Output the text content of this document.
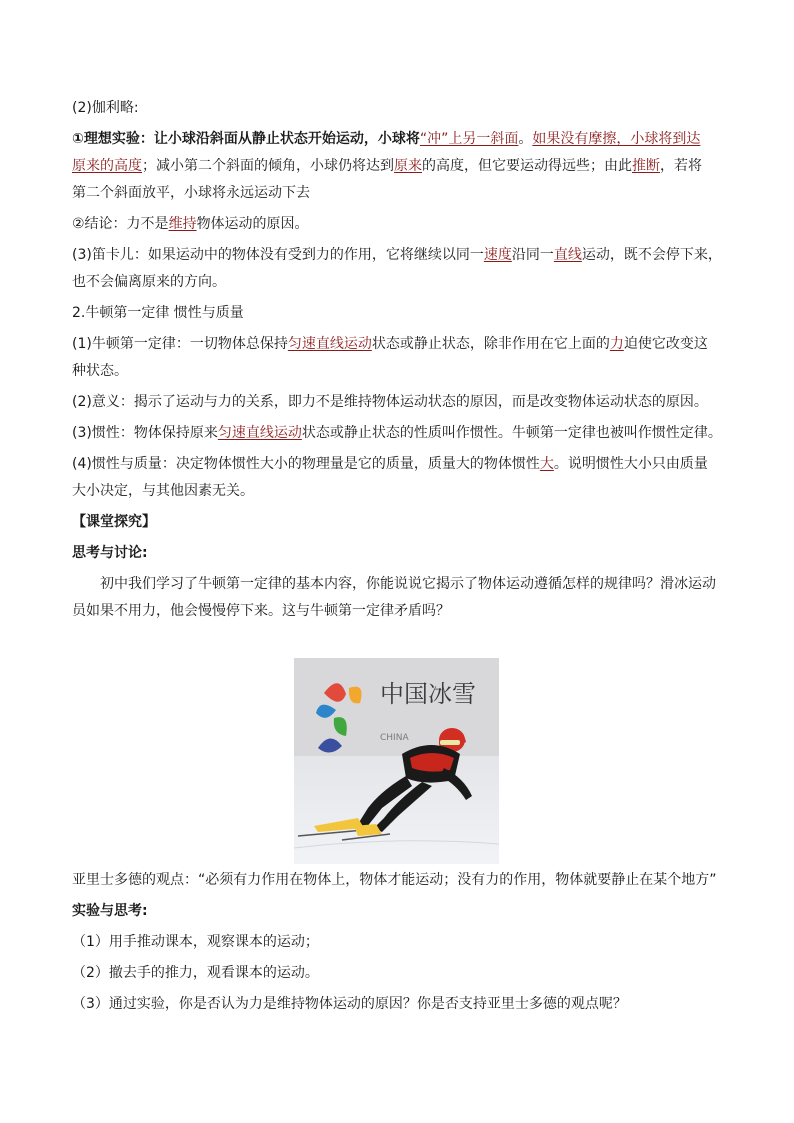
(2)伽利略:
①理想实验：让小球沿斜面从静止状态开始运动，小球将“冲”上另一斜面。如果没有摩擦，小球将到达
原来的高度；减小第二个斜面的倾角，小球仍将达到原来的高度，但它要运动得远些；由此推断，若将
第二个斜面放平，小球将永远运动下去
②结论：力不是维持物体运动的原因。
(3)笛卡儿：如果运动中的物体没有受到力的作用，它将继续以同一速度沿同一直线运动，既不会停下来，
也不会偏离原来的方向。
2.牛顿第一定律 惯性与质量
(1)牛顿第一定律：一切物体总保持匀速直线运动状态或静止状态，除非作用在它上面的力迫使它改变这
种状态。
(2)意义：揭示了运动与力的关系，即力不是维持物体运动状态的原因，而是改变物体运动状态的原因。
(3)惯性：物体保持原来匀速直线运动状态或静止状态的性质叫作惯性。牛顿第一定律也被叫作惯性定律。
(4)惯性与质量：决定物体惯性大小的物理量是它的质量，质量大的物体惯性大。说明惯性大小只由质量
大小决定，与其他因素无关。
【课堂探究】
思考与讨论:
初中我们学习了牛顿第一定律的基本内容，你能说说它揭示了物体运动遵循怎样的规律吗？滑冰运动
员如果不用力，他会慢慢停下来。这与牛顿第一定律矛盾吗？
中国冰雪
CHINA
亚里士多德的观点：“必须有力作用在物体上，物体才能运动；没有力的作用，物体就要静止在某个地方”
实验与思考:
（1）用手推动课本，观察课本的运动；
（2）撤去手的推力，观看课本的运动。
（3）通过实验，你是否认为力是维持物体运动的原因？你是否支持亚里士多德的观点呢？
